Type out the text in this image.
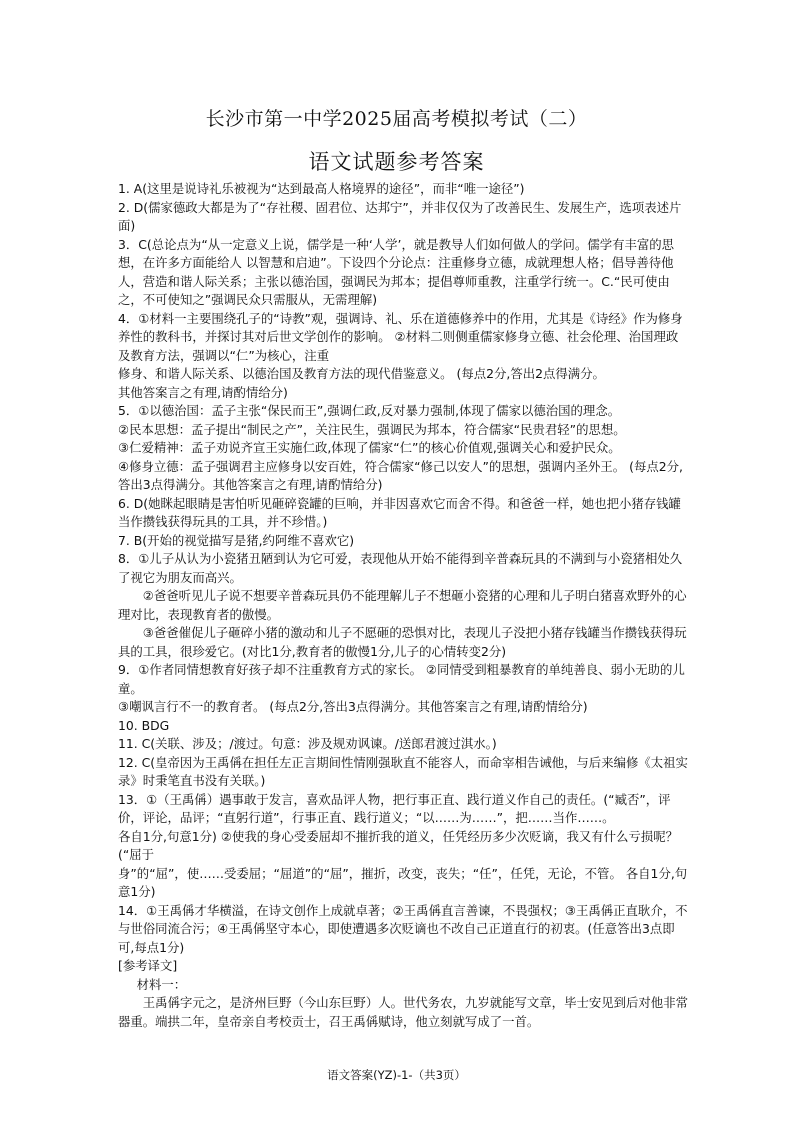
长沙市第一中学2025届高考模拟考试（二）
语文试题参考答案

1. A(这里是说诗礼乐被视为“达到最高人格境界的途径”，而非“唯一途径”)

2. D(儒家德政大都是为了“存社稷、固君位、达邦宁”，并非仅仅为了改善民生、发展生产，选项表述片面)

3．C(总论点为“从一定意义上说，儒学是一种‘人学’，就是教导人们如何做人的学问。儒学有丰富的思想，在许多方面能给人 以智慧和启迪”。下设四个分论点：注重修身立德，成就理想人格；倡导善待他人，营造和谐人际关系；主张以德治国，强调民为邦本；提倡尊师重教，注重学行统一。C.“民可使由之，不可使知之”强调民众只需服从，无需理解)

4．①材料一主要围绕孔子的“诗教”观，强调诗、礼、乐在道德修养中的作用，尤其是《诗经》作为修身养性的教科书，并探讨其对后世文学创作的影响。 ②材料二则侧重儒家修身立德、社会伦理、治国理政及教育方法，强调以“仁”为核心，注重

修身、和谐人际关系、以德治国及教育方法的现代借鉴意义。 (每点2分,答出2点得满分。

其他答案言之有理,请酌情给分)

5．①以德治国：孟子主张“保民而王”,强调仁政,反对暴力强制,体现了儒家以德治国的理念。

②民本思想：孟子提出“制民之产”，关注民生，强调民为邦本，符合儒家“民贵君轻”的思想。

③仁爱精神：孟子劝说齐宣王实施仁政,体现了儒家“仁”的核心价值观,强调关心和爱护民众。

④修身立德：孟子强调君主应修身以安百姓，符合儒家“修己以安人”的思想，强调内圣外王。 (每点2分,答出3点得满分。其他答案言之有理,请酌情给分)

6. D(她眯起眼睛是害怕听见砸碎瓷罐的巨响，并非因喜欢它而舍不得。和爸爸一样，她也把小猪存钱罐当作攒钱获得玩具的工具，并不珍惜。)

7. B(开始的视觉描写是猪,约阿维不喜欢它)

8．①儿子从认为小瓷猪丑陋到认为它可爱，表现他从开始不能得到辛普森玩具的不满到与小瓷猪相处久了视它为朋友而高兴。

②爸爸听见儿子说不想要辛普森玩具仍不能理解儿子不想砸小瓷猪的心理和儿子明白猪喜欢野外的心理对比，表现教育者的傲慢。

③爸爸催促儿子砸碎小猪的激动和儿子不愿砸的恐惧对比，表现儿子没把小猪存钱罐当作攒钱获得玩具的工具，很珍爱它。(对比1分,教育者的傲慢1分,儿子的心情转变2分)

9．①作者同情想教育好孩子却不注重教育方式的家长。 ②同情受到粗暴教育的单纯善良、弱小无助的儿童。

③嘲讽言行不一的教育者。 (每点2分,答出3点得满分。其他答案言之有理,请酌情给分)

10. BDG

11. C(关联、涉及；/渡过。句意：涉及规劝讽谏。/送郎君渡过淇水。)

12. C(皇帝因为王禹偁在担任左正言期间性情刚强耿直不能容人，而命宰相告诫他，与后来编修《太祖实录》时秉笔直书没有关联。)

13．①（王禹偁）遇事敢于发言，喜欢品评人物，把行事正直、践行道义作自己的责任。(“臧否”，评价，评论，品评；“直躬行道”，行事正直、践行道义；“以……为……”，把……当作……。

各自1分,句意1分) ②使我的身心受委屈却不摧折我的道义，任凭经历多少次贬谪，我又有什么亏损呢？(“屈于

身”的“屈”，使……受委屈；“屈道”的“屈”，摧折，改变，丧失；“任”，任凭，无论，不管。 各自1分,句意1分)

14．①王禹偁才华横溢，在诗文创作上成就卓著；②王禹偁直言善谏，不畏强权；③王禹偁正直耿介，不与世俗同流合污；④王禹偁坚守本心，即使遭遇多次贬谪也不改自己正道直行的初衷。(任意答出3点即可,每点1分)

[参考译文]

材料一：

王禹偁字元之，是济州巨野（今山东巨野）人。世代务农，九岁就能写文章，毕士安见到后对他非常器重。端拱二年，皇帝亲自考校贡士，召王禹偁赋诗，他立刻就写成了一首。

语文答案(YZ)-1-（共3页）
